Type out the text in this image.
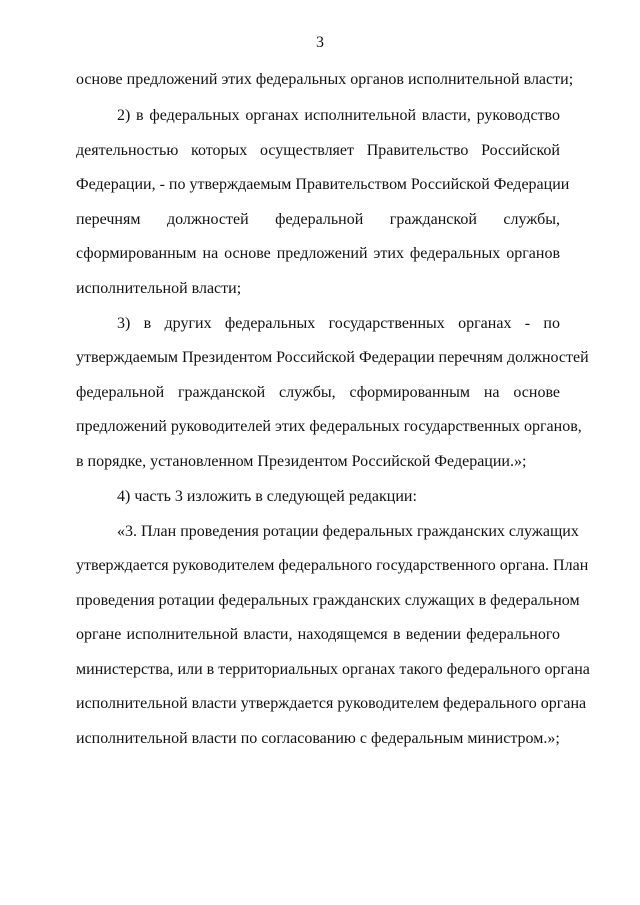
3
основе предложений этих федеральных органов исполнительной власти;
2) в федеральных органах исполнительной власти, руководство
деятельностью которых осуществляет Правительство Российской
Федерации, - по утверждаемым Правительством Российской Федерации
перечням должностей федеральной гражданской службы,
сформированным на основе предложений этих федеральных органов
исполнительной власти;
3) в других федеральных государственных органах - по
утверждаемым Президентом Российской Федерации перечням должностей
федеральной гражданской службы, сформированным на основе
предложений руководителей этих федеральных государственных органов,
в порядке, установленном Президентом Российской Федерации.»;
4) часть 3 изложить в следующей редакции:
«3. План проведения ротации федеральных гражданских служащих
утверждается руководителем федерального государственного органа. План
проведения ротации федеральных гражданских служащих в федеральном
органе исполнительной власти, находящемся в ведении федерального
министерства, или в территориальных органах такого федерального органа
исполнительной власти утверждается руководителем федерального органа
исполнительной власти по согласованию с федеральным министром.»;
